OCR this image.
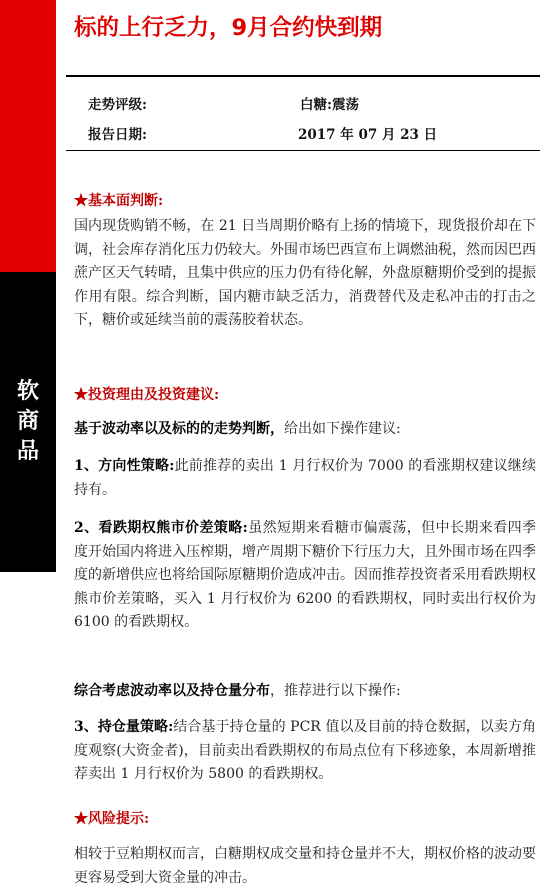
软商品
标的上行乏力，9月合约快到期
走势评级:	白糖:震荡
报告日期:	2017 年 07 月 23 日
★基本面判断:
国内现货购销不畅，在 21 日当周期价略有上扬的情境下，现货报价却在下调，社会库存消化压力仍较大。外围市场巴西宣布上调燃油税，然而因巴西蔗产区天气转晴，且集中供应的压力仍有待化解，外盘原糖期价受到的提振作用有限。综合判断，国内糖市缺乏活力，消费替代及走私冲击的打击之下，糖价或延续当前的震荡胶着状态。
★投资理由及投资建议:
基于波动率以及标的的走势判断，给出如下操作建议:
1、方向性策略:此前推荐的卖出 1 月行权价为 7000 的看涨期权建议继续持有。
2、看跌期权熊市价差策略:虽然短期来看糖市偏震荡，但中长期来看四季度开始国内将进入压榨期，增产周期下糖价下行压力大，且外围市场在四季度的新增供应也将给国际原糖期价造成冲击。因而推荐投资者采用看跌期权熊市价差策略，买入 1 月行权价为 6200 的看跌期权，同时卖出行权价为 6100 的看跌期权。
综合考虑波动率以及持仓量分布，推荐进行以下操作:
3、持仓量策略:结合基于持仓量的 PCR 值以及目前的持仓数据，以卖方角度观察(大资金者)，目前卖出看跌期权的布局点位有下移迹象，本周新增推荐卖出 1 月行权价为 5800 的看跌期权。
★风险提示:
相较于豆粕期权而言，白糖期权成交量和持仓量并不大，期权价格的波动要更容易受到大资金量的冲击。
